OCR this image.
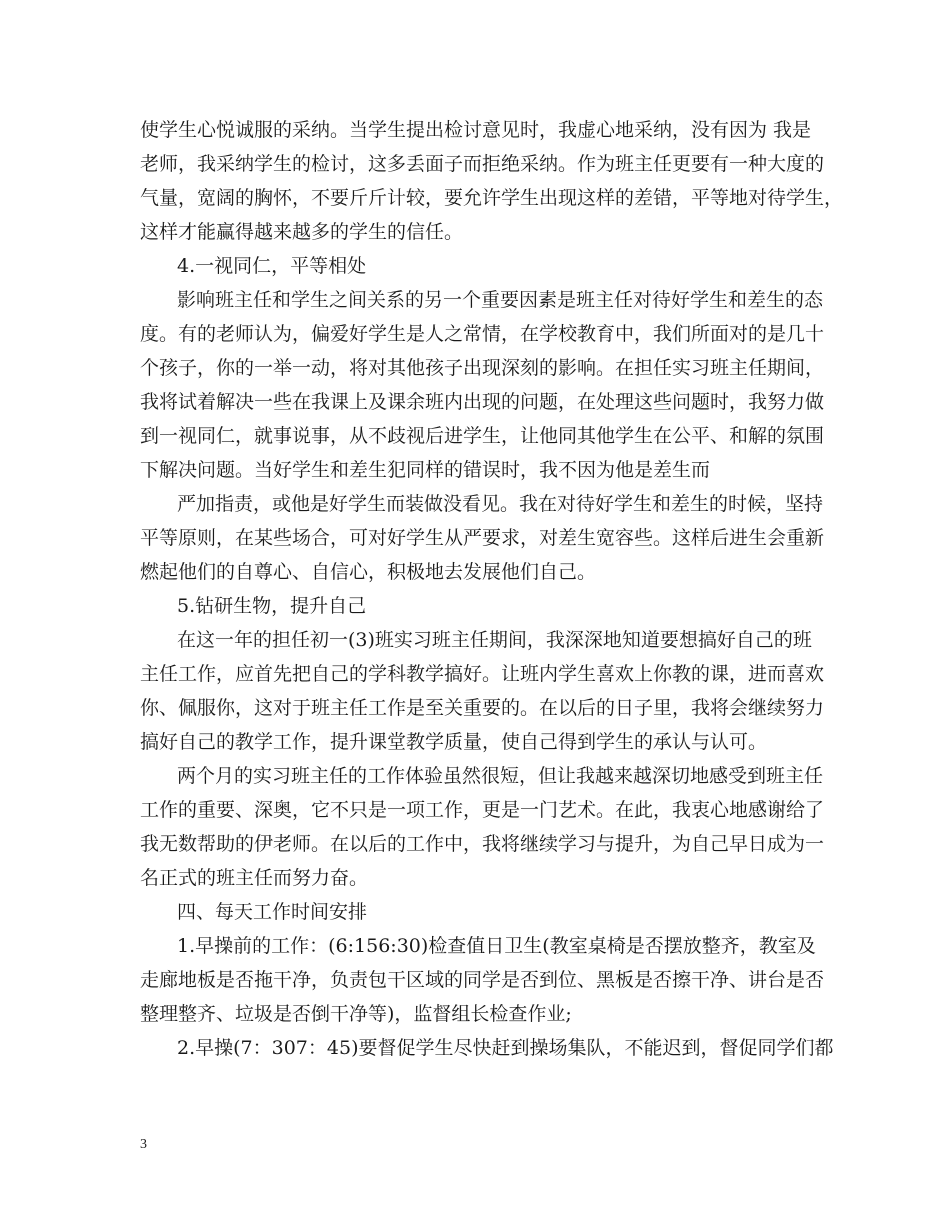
使学生心悦诚服的采纳。当学生提出检讨意见时，我虚心地采纳，没有因为 我是
老师，我采纳学生的检讨，这多丢面子而拒绝采纳。作为班主任更要有一种大度的
气量，宽阔的胸怀，不要斤斤计较，要允许学生出现这样的差错，平等地对待学生，
这样才能赢得越来越多的学生的信任。
4.一视同仁，平等相处
影响班主任和学生之间关系的另一个重要因素是班主任对待好学生和差生的态
度。有的老师认为，偏爱好学生是人之常情，在学校教育中，我们所面对的是几十
个孩子，你的一举一动，将对其他孩子出现深刻的影响。在担任实习班主任期间，
我将试着解决一些在我课上及课余班内出现的问题，在处理这些问题时，我努力做
到一视同仁，就事说事，从不歧视后进学生，让他同其他学生在公平、和解的氛围
下解决问题。当好学生和差生犯同样的错误时，我不因为他是差生而
严加指责，或他是好学生而装做没看见。我在对待好学生和差生的时候，坚持
平等原则，在某些场合，可对好学生从严要求，对差生宽容些。这样后进生会重新
燃起他们的自尊心、自信心，积极地去发展他们自己。
5.钻研生物，提升自己
在这一年的担任初一(3)班实习班主任期间，我深深地知道要想搞好自己的班
主任工作，应首先把自己的学科教学搞好。让班内学生喜欢上你教的课，进而喜欢
你、佩服你，这对于班主任工作是至关重要的。在以后的日子里，我将会继续努力
搞好自己的教学工作，提升课堂教学质量，使自己得到学生的承认与认可。
两个月的实习班主任的工作体验虽然很短，但让我越来越深切地感受到班主任
工作的重要、深奥，它不只是一项工作，更是一门艺术。在此，我衷心地感谢给了
我无数帮助的伊老师。在以后的工作中，我将继续学习与提升，为自己早日成为一
名正式的班主任而努力奋。
四、每天工作时间安排
1.早操前的工作：(6:156:30)检查值日卫生(教室桌椅是否摆放整齐，教室及
走廊地板是否拖干净，负责包干区域的同学是否到位、黑板是否擦干净、讲台是否
整理整齐、垃圾是否倒干净等)，监督组长检查作业;
2.早操(7：307：45)要督促学生尽快赶到操场集队，不能迟到，督促同学们都
3
